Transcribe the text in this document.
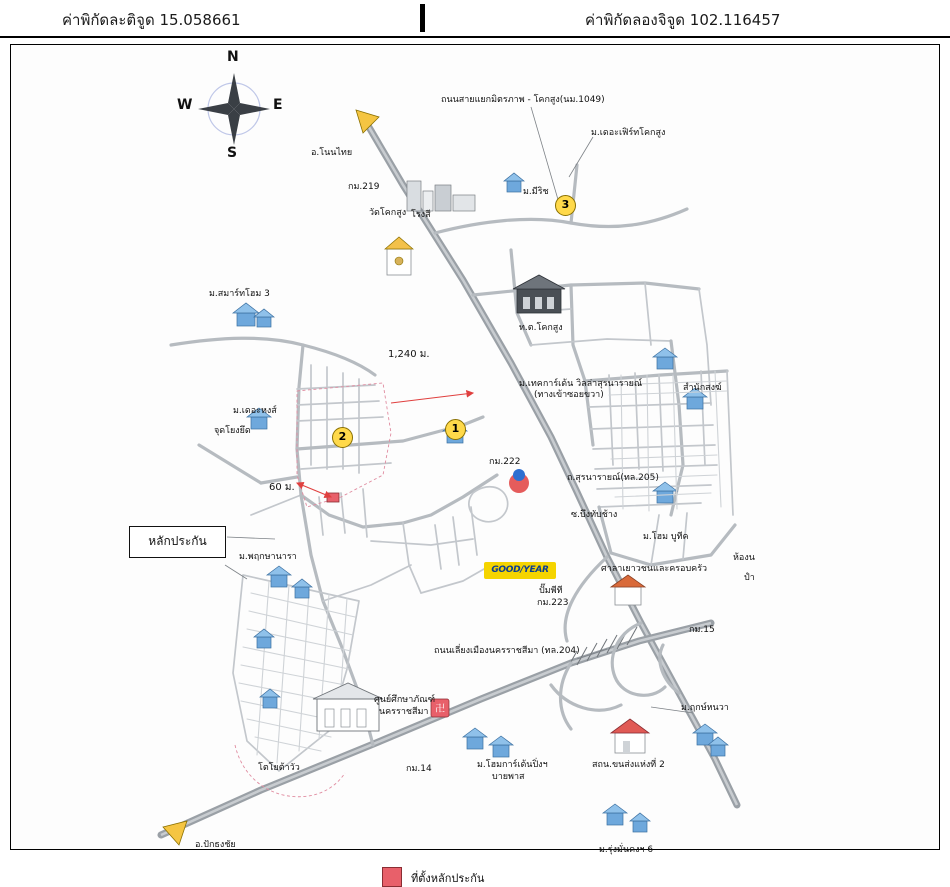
ค่าพิกัดละติจูด 15.058661	ค่าพิกัดลองจิจูด 102.116457
卍
N
S
E
W
3
2
1
1,240 ม.
60 ม.
หลักประกัน
GOOD/YEAR
ที่ตั้งหลักประกัน
ถนนสายแยกมิตรภาพ - โคกสูง(นม.1049)
ม.เดอะเฟิร์ทโคกสูง
อ.โนนไทย
กม.219
โรงสี
วัดโคกสูง
ม.มีริช
ท.ต.โคกสูง
ม.สมาร์ทโฮม 3
ม.เดอะหงส์
จุดโยงยึด
ม.เทคการ์เด้น วิลล่าสุรนารายณ์
(ทางเข้าซอยขวา)
สำนักสงฆ์
กม.222
ถ.สุรนารายณ์(ทล.205)
ซ.บึงทับช้าง
ม.โฮม บูทีค
ห้องน
ศาลาเยาวชนและครอบครัว
ปำ
ม.พฤกษานารา
ปั๊มพีที
กม.223
กม.15
ถนนเลี่ยงเมืองนครราชสีมา (ทล.204)
ศูนย์ศึกษาภัณฑ์
นครราชสีมา	ม.ฤกษ์หนวา
กม.14	ม.โฮมการ์เด้นปิ่งฯ
บายพาส
สถน.ขนส่งแห่งที่ 2
โตโยต้าวัว
ม.รุ่งมั่นคงฯ 6
อ.ปักธงชัย
